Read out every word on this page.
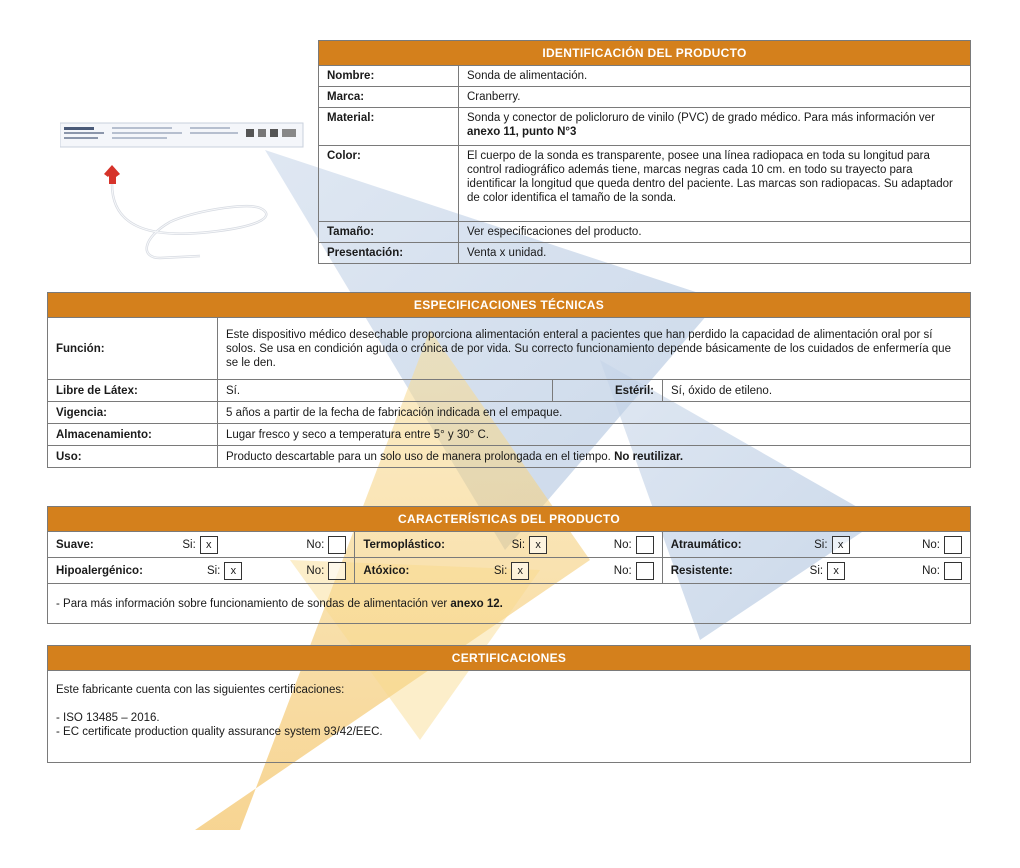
IDENTIFICACIÓN DEL PRODUCTO	
Nombre:	Sonda de alimentación.
Marca:	Cranberry.
Material:	Sonda y conector de policloruro de vinilo (PVC) de grado médico. Para más información ver anexo 11, punto N°3
Color:	El cuerpo de la sonda es transparente, posee una línea radiopaca en toda su longitud para control radiográfico además tiene, marcas negras cada 10 cm. en todo su trayecto para identificar la longitud que queda dentro del paciente. Las marcas son radiopacas. Su adaptador de color identifica el tamaño de la sonda.
Tamaño:	Ver especificaciones del producto.
Presentación:	Venta x unidad.
ESPECIFICACIONES TÉCNICAS			
Función:	Este dispositivo médico desechable proporciona alimentación enteral a pacientes que han perdido la capacidad de alimentación oral por sí solos. Se usa en condición aguda o crónica de por vida. Su correcto funcionamiento depende básicamente de los cuidados de enfermería que se le den.		
Libre de Látex:	Sí.	Estéril:	Sí, óxido de etileno.
Vigencia:	5 años a partir de la fecha de fabricación indicada en el empaque.		
Almacenamiento:	Lugar fresco y seco a temperatura entre 5° y 30° C.		
Uso:	Producto descartable para un solo uso de manera prolongada en el tiempo. No reutilizar.		
CARACTERÍSTICAS DEL PRODUCTO		

Suave: Si: x No:	Termoplástico: Si: x No:	Atraumático: Si: x No:

Hipoalergénico: Si: x No:	Atóxico: Si: x No:	Resistente: Si: x No:

- Para más información sobre funcionamiento de sondas de alimentación ver anexo 12.		
CERTIFICACIONES

Este fabricante cuenta con las siguientes certificaciones:

- ISO 13485 – 2016.

- EC certificate production quality assurance system 93/42/EEC.
